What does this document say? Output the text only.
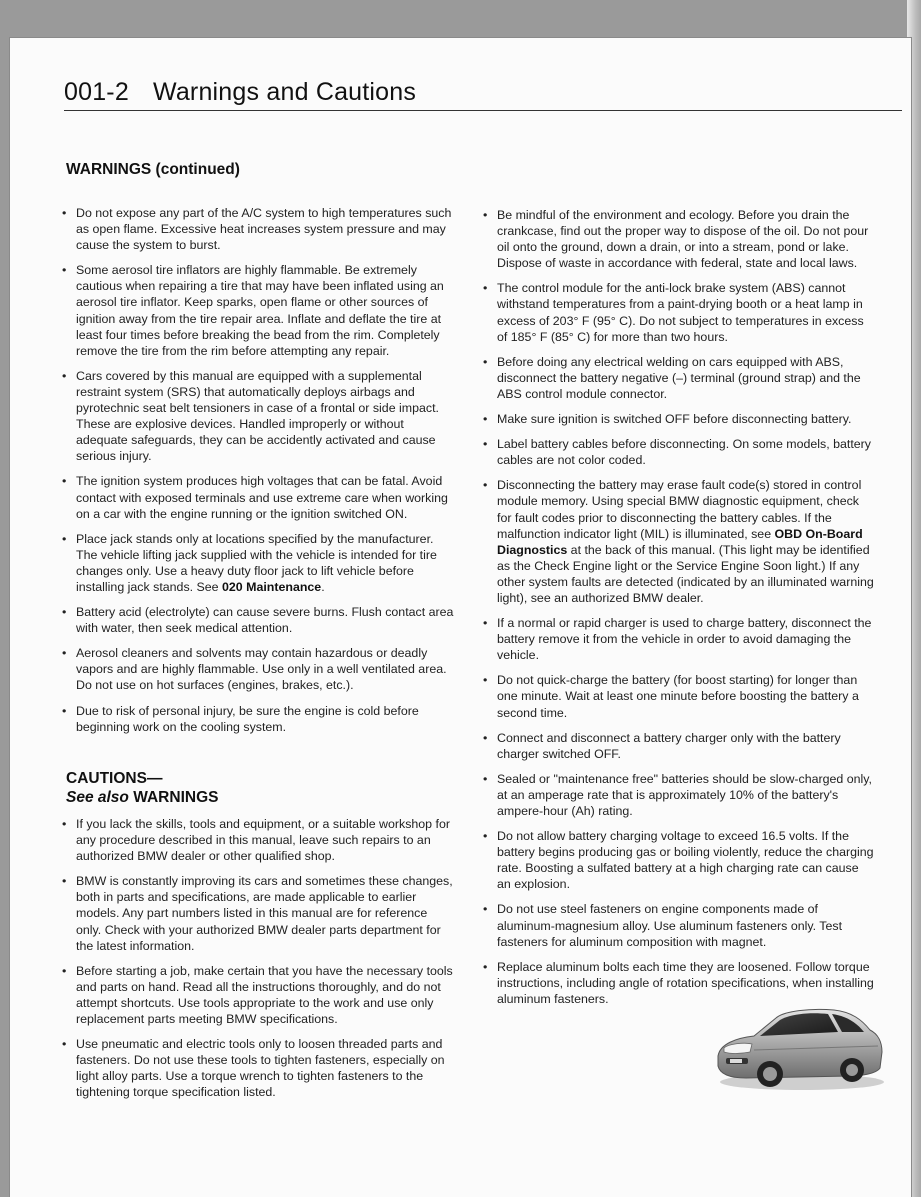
001-2 Warnings and Cautions
WARNINGS (continued)
• Do not expose any part of the A/C system to high temperatures such as open flame. Excessive heat increases system pressure and may cause the system to burst.
• Some aerosol tire inflators are highly flammable. Be extremely cautious when repairing a tire that may have been inflated using an aerosol tire inflator. Keep sparks, open flame or other sources of ignition away from the tire repair area. Inflate and deflate the tire at least four times before breaking the bead from the rim. Completely remove the tire from the rim before attempting any repair.
• Cars covered by this manual are equipped with a supplemental restraint system (SRS) that automatically deploys airbags and pyrotechnic seat belt tensioners in case of a frontal or side impact. These are explosive devices. Handled improperly or without adequate safeguards, they can be accidently activated and cause serious injury.
• The ignition system produces high voltages that can be fatal. Avoid contact with exposed terminals and use extreme care when working on a car with the engine running or the ignition switched ON.
• Place jack stands only at locations specified by the manufacturer. The vehicle lifting jack supplied with the vehicle is intended for tire changes only. Use a heavy duty floor jack to lift vehicle before installing jack stands. See 020 Maintenance.
• Battery acid (electrolyte) can cause severe burns. Flush contact area with water, then seek medical attention.
• Aerosol cleaners and solvents may contain hazardous or deadly vapors and are highly flammable. Use only in a well ventilated area. Do not use on hot surfaces (engines, brakes, etc.).
• Due to risk of personal injury, be sure the engine is cold before beginning work on the cooling system.
CAUTIONS—
See also WARNINGS
• If you lack the skills, tools and equipment, or a suitable workshop for any procedure described in this manual, leave such repairs to an authorized BMW dealer or other qualified shop.
• BMW is constantly improving its cars and sometimes these changes, both in parts and specifications, are made applicable to earlier models. Any part numbers listed in this manual are for reference only. Check with your authorized BMW dealer parts department for the latest information.
• Before starting a job, make certain that you have the necessary tools and parts on hand. Read all the instructions thoroughly, and do not attempt shortcuts. Use tools appropriate to the work and use only replacement parts meeting BMW specifications.
• Use pneumatic and electric tools only to loosen threaded parts and fasteners. Do not use these tools to tighten fasteners, especially on light alloy parts. Use a torque wrench to tighten fasteners to the tightening torque specification listed.
• Be mindful of the environment and ecology. Before you drain the crankcase, find out the proper way to dispose of the oil. Do not pour oil onto the ground, down a drain, or into a stream, pond or lake. Dispose of waste in accordance with federal, state and local laws.
• The control module for the anti-lock brake system (ABS) cannot withstand temperatures from a paint-drying booth or a heat lamp in excess of 203° F (95° C). Do not subject to temperatures in excess of 185° F (85° C) for more than two hours.
• Before doing any electrical welding on cars equipped with ABS, disconnect the battery negative (–) terminal (ground strap) and the ABS control module connector.
• Make sure ignition is switched OFF before disconnecting battery.
• Label battery cables before disconnecting. On some models, battery cables are not color coded.
• Disconnecting the battery may erase fault code(s) stored in control module memory. Using special BMW diagnostic equipment, check for fault codes prior to disconnecting the battery cables. If the malfunction indicator light (MIL) is illuminated, see OBD On-Board Diagnostics at the back of this manual. (This light may be identified as the Check Engine light or the Service Engine Soon light.) If any other system faults are detected (indicated by an illuminated warning light), see an authorized BMW dealer.
• If a normal or rapid charger is used to charge battery, disconnect the battery remove it from the vehicle in order to avoid damaging the vehicle.
• Do not quick-charge the battery (for boost starting) for longer than one minute. Wait at least one minute before boosting the battery a second time.
• Connect and disconnect a battery charger only with the battery charger switched OFF.
• Sealed or "maintenance free" batteries should be slow-charged only, at an amperage rate that is approximately 10% of the battery's ampere-hour (Ah) rating.
• Do not allow battery charging voltage to exceed 16.5 volts. If the battery begins producing gas or boiling violently, reduce the charging rate. Boosting a sulfated battery at a high charging rate can cause an explosion.
• Do not use steel fasteners on engine components made of aluminum-magnesium alloy. Use aluminum fasteners only. Test fasteners for aluminum composition with magnet.
• Replace aluminum bolts each time they are loosened. Follow torque instructions, including angle of rotation specifications, when installing aluminum fasteners.
